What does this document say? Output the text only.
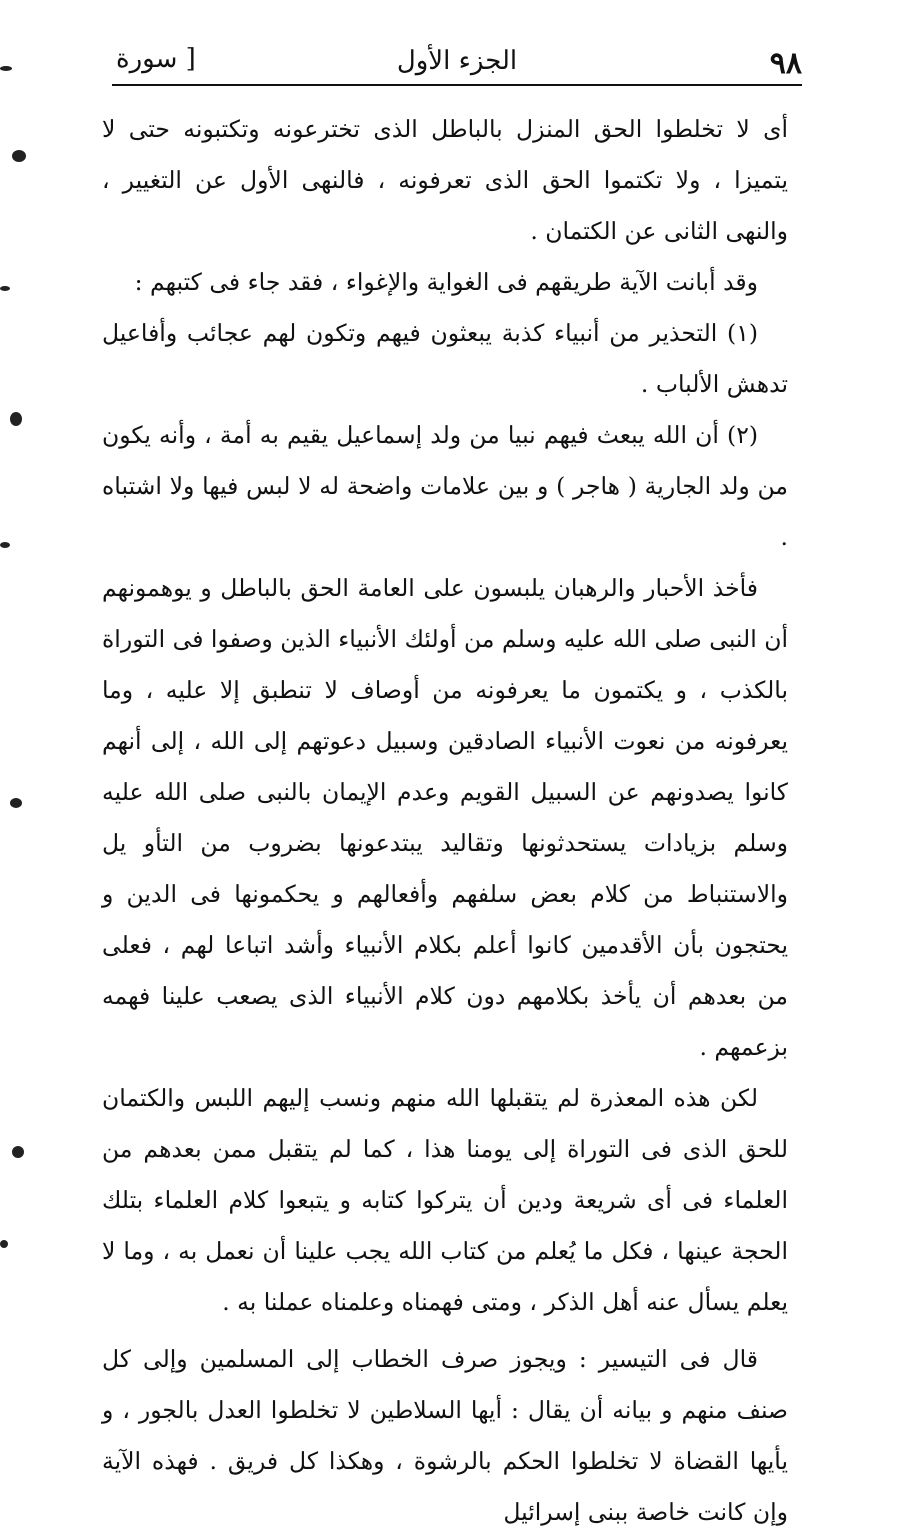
٩٨
الجزء الأول
[ سورة

أى لا تخلطوا الحق المنزل بالباطل الذى تخترعونه وتكتبونه حتى لا يتميزا ، ولا تكتموا الحق الذى تعرفونه ، فالنهى الأول عن التغيير ، والنهى الثانى عن الكتمان .

وقد أبانت الآية طريقهم فى الغواية والإغواء ، فقد جاء فى كتبهم :

(١) التحذير من أنبياء كذبة يبعثون فيهم وتكون لهم عجائب وأفاعيل تدهش الألباب .

(٢) أن الله يبعث فيهم نبيا من ولد إسماعيل يقيم به أمة ، وأنه يكون من ولد الجارية ( هاجر ) و بين علامات واضحة له لا لبس فيها ولا اشتباه .

فأخذ الأحبار والرهبان يلبسون على العامة الحق بالباطل و يوهمونهم أن النبى صلى الله عليه وسلم من أولئك الأنبياء الذين وصفوا فى التوراة بالكذب ، و يكتمون ما يعرفونه من أوصاف لا تنطبق إلا عليه ، وما يعرفونه من نعوت الأنبياء الصادقين وسبيل دعوتهم إلى الله ، إلى أنهم كانوا يصدونهم عن السبيل القويم وعدم الإيمان بالنبى صلى الله عليه وسلم بزيادات يستحدثونها وتقاليد يبتدعونها بضروب من التأو يل والاستنباط من كلام بعض سلفهم وأفعالهم و يحكمونها فى الدين و يحتجون بأن الأقدمين كانوا أعلم بكلام الأنبياء وأشد اتباعا لهم ، فعلى من بعدهم أن يأخذ بكلامهم دون كلام الأنبياء الذى يصعب علينا فهمه بزعمهم .

لكن هذه المعذرة لم يتقبلها الله منهم ونسب إليهم اللبس والكتمان للحق الذى فى التوراة إلى يومنا هذا ، كما لم يتقبل ممن بعدهم من العلماء فى أى شريعة ودين أن يتركوا كتابه و يتبعوا كلام العلماء بتلك الحجة عينها ، فكل ما يُعلم من كتاب الله يجب علينا أن نعمل به ، وما لا يعلم يسأل عنه أهل الذكر ، ومتى فهمناه وعلمناه عملنا به .

قال فى التيسير : ويجوز صرف الخطاب إلى المسلمين وإلى كل صنف منهم و بيانه أن يقال : أيها السلاطين لا تخلطوا العدل بالجور ، و يأيها القضاة لا تخلطوا الحكم بالرشوة ، وهكذا كل فريق . فهذه الآية وإن كانت خاصة ببنى إسرائيل
